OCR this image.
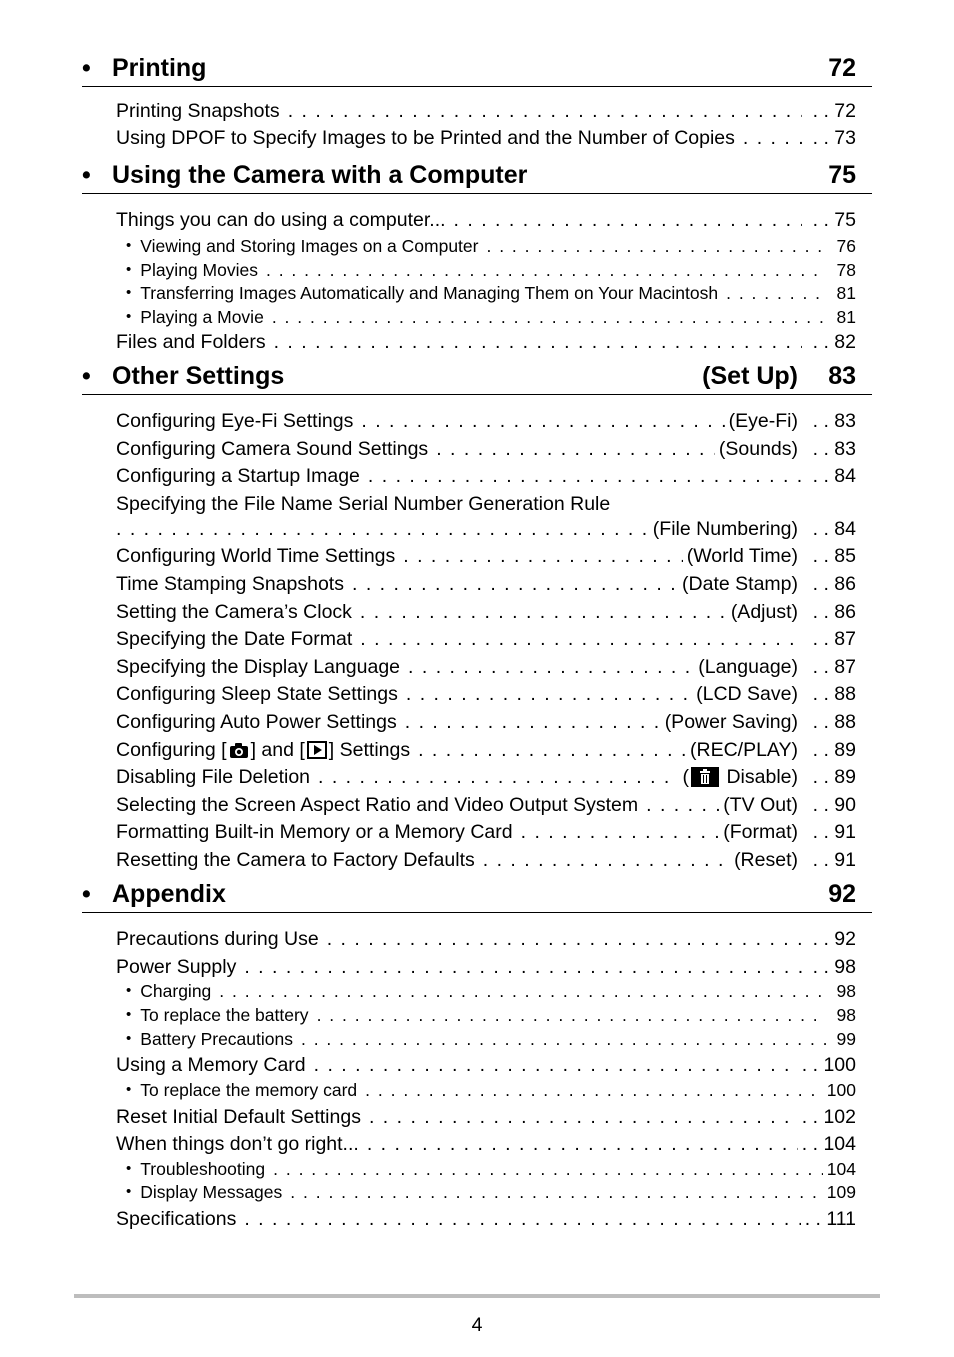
• Printing	72
Printing Snapshots . . .	. . 72
Using DPOF to Specify Images to be Printed and the Number of Copies . . .	. . 73
• Using the Camera with a Computer	75
Things you can do using a computer... . . .	. . 75
• Viewing and Storing Images on a Computer . . .	76
• Playing Movies . . .	78
• Transferring Images Automatically and Managing Them on Your Macintosh . . .	81
• Playing a Movie . . .	81
Files and Folders . . .	. . 82
• Other Settings	(Set Up) 83
Configuring Eye-Fi Settings . . .	(Eye-Fi)	. . 83
Configuring Camera Sound Settings . . .	(Sounds)	. . 83
Configuring a Startup Image . . .	. . 84
Specifying the File Name Serial Number Generation Rule
. . .
(File Numbering)	. . 84
Configuring World Time Settings . . .	(World Time)	. . 85
Time Stamping Snapshots . . .	(Date Stamp)	. . 86
Setting the Camera’s Clock . . .	(Adjust)	. . 86
Specifying the Date Format . . .	. . 87
Specifying the Display Language . . .	(Language)	. . 87
Configuring Sleep State Settings . . .	(LCD Save)	. . 88
Configuring Auto Power Settings . . .	(Power Saving)	. . 88
Configuring [ ] and [ ] Settings . . .	(REC/PLAY)	. . 89
Disabling File Deletion . . .	( Disable)	. . 89
Selecting the Screen Aspect Ratio and Video Output System . . .	(TV Out)	. . 90
Formatting Built-in Memory or a Memory Card . . .	(Format)	. . 91
Resetting the Camera to Factory Defaults . . .	(Reset)	. . 91
• Appendix	92
Precautions during Use . . .	. . 92
Power Supply . . .	. . 98
• Charging . . .	98
• To replace the battery . . .	98
• Battery Precautions . . .	99
Using a Memory Card . . .	. . 100
• To replace the memory card . . .	100
Reset Initial Default Settings . . .	. . 102
When things don’t go right... . . .	. . 104
• Troubleshooting . . .	104
• Display Messages . . .	109
Specifications . . .	. . 111
4
